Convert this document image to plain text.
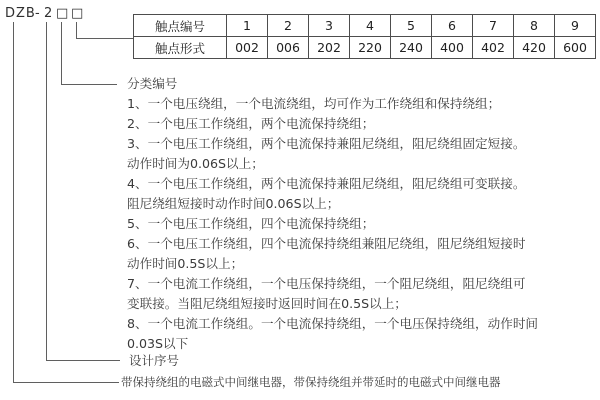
DZB - 2 □ □
触点编号	1	2	3	4	5	6	7	8	9
触点形式	002	006	202	220	240	400	402	420	600
分类编号
1、一个电压绕组，一个电流绕组，均可作为工作绕组和保持绕组；
2、一个电压工作绕组，两个电流保持绕组；
3、一个电压工作绕组，两个电流保持兼阻尼绕组，阻尼绕组固定短接。
动作时间为0.06S以上；
4、一个电压工作绕组，两个电流保持兼阻尼绕组，阻尼绕组可变联接。
阻尼绕组短接时动作时间0.06S以上；
5、一个电压工作绕组，四个电流保持绕组；
6、一个电压工作绕组，四个电流保持绕组兼阻尼绕组，阻尼绕组短接时
动作时间0.5S以上；
7、一个电流工作绕组，一个电压保持绕组，一个阻尼绕组，阻尼绕组可
变联接。当阻尼绕组短接时返回时间在0.5S以上；
8、一个电流工作绕组。一个电流保持绕组，一个电压保持绕组，动作时间
0.03S以下
设计序号
带保持绕组的电磁式中间继电器，带保持绕组并带延时的电磁式中间继电器
